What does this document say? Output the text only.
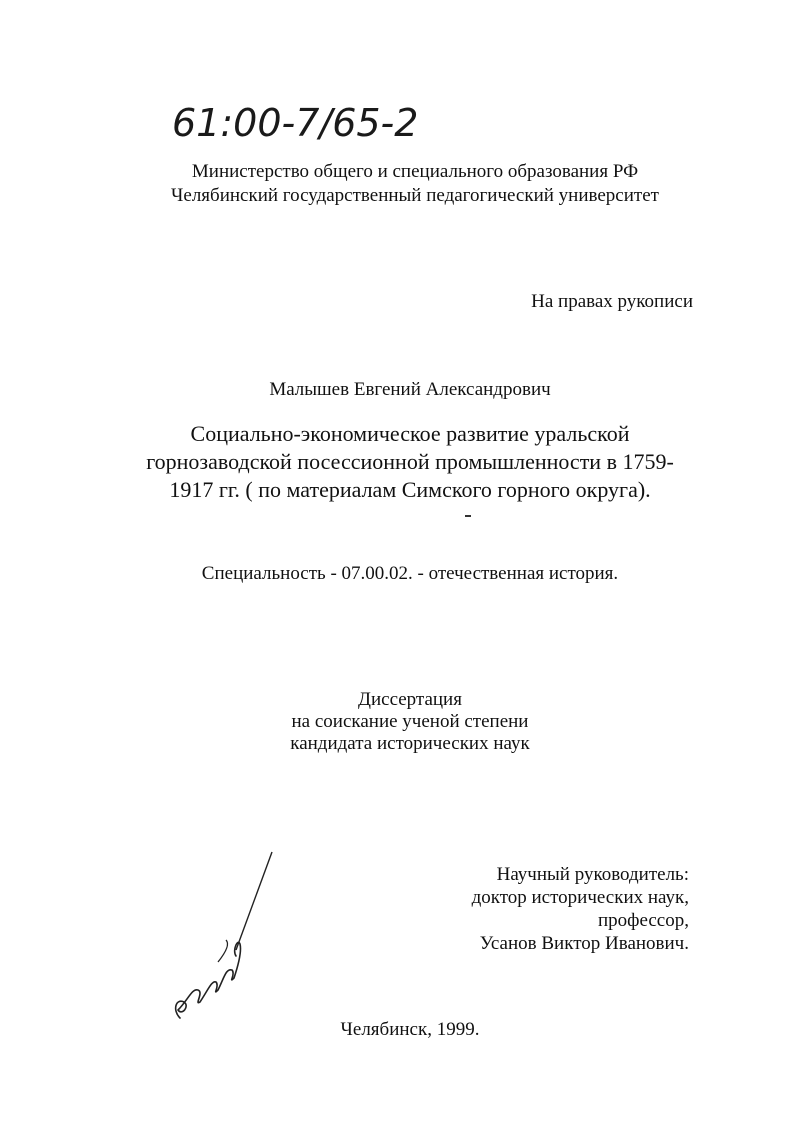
61:00-7/65-2
Министерство общего и специального образования РФ
Челябинский государственный педагогический университет
На правах рукописи
Малышев Евгений Александрович
Социально-экономическое развитие уральской
горнозаводской посессионной промышленности в 1759-
1917 гг. ( по материалам Симского горного округа).
Специальность - 07.00.02. - отечественная история.
Диссертация
на соискание ученой степени
кандидата исторических наук
Научный руководитель:
доктор исторических наук,
профессор,
Усанов Виктор Иванович.
Челябинск, 1999.
